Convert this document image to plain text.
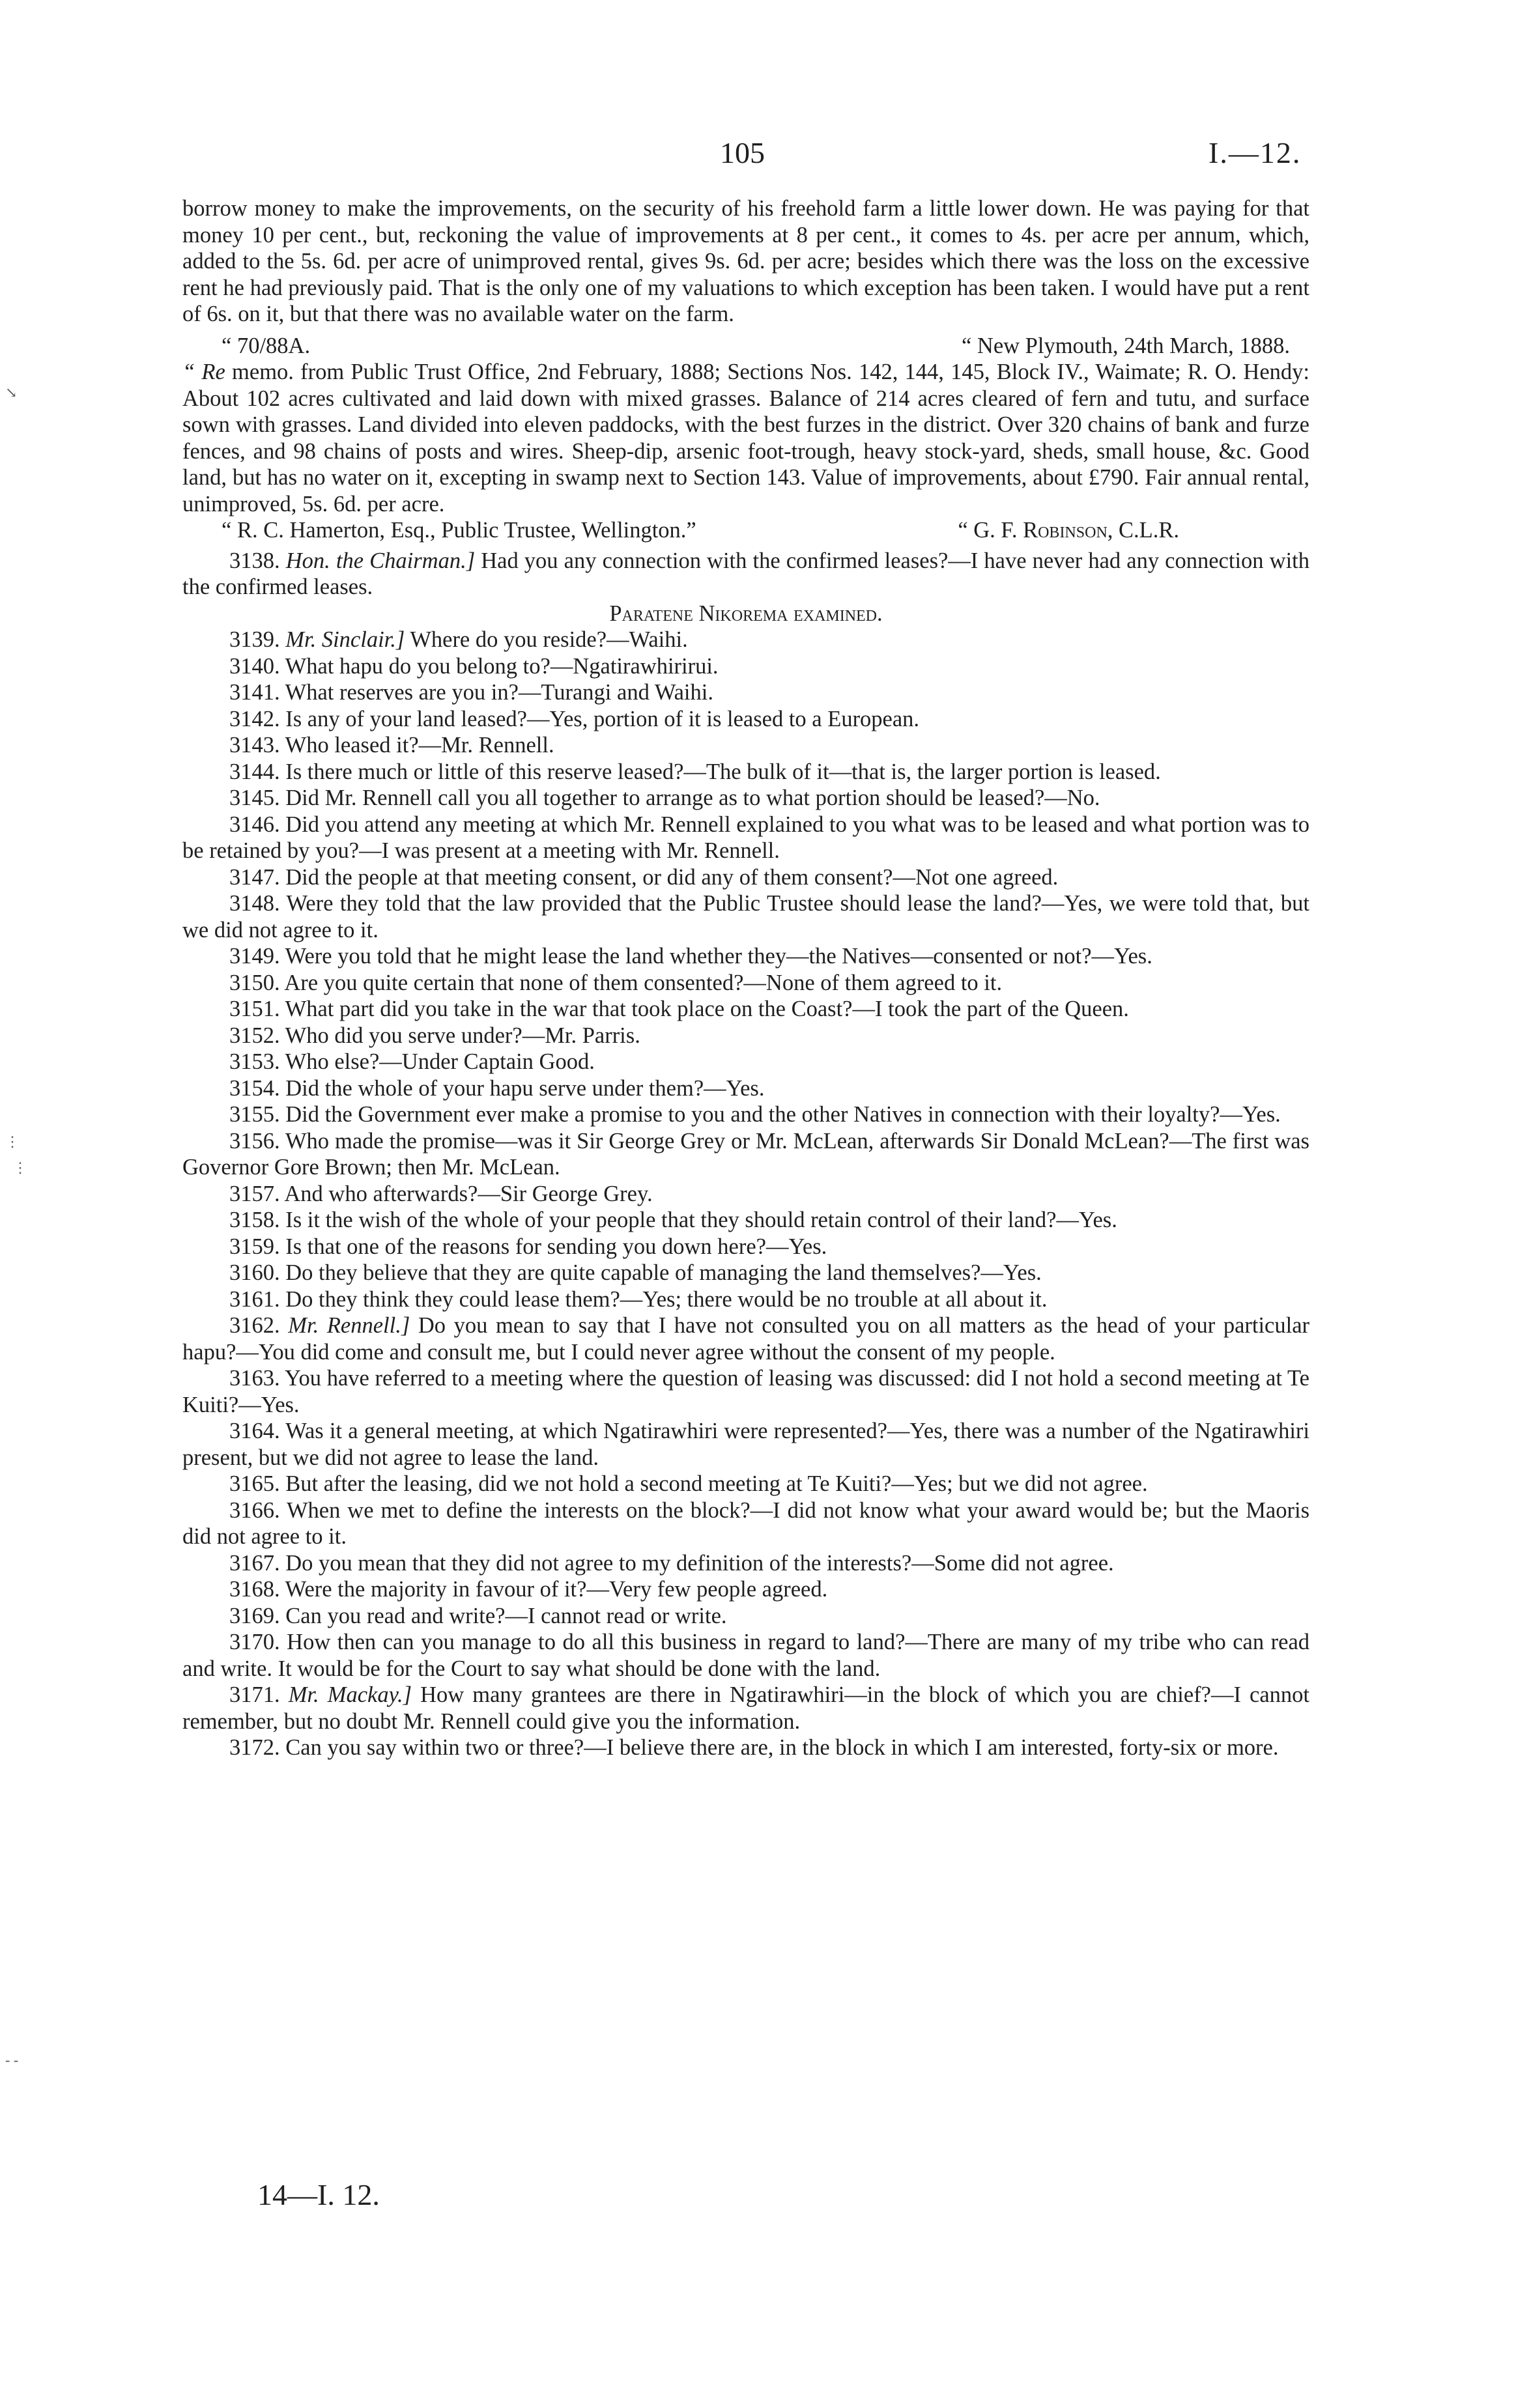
105	I.—12.

borrow money to make the improvements, on the security of his freehold farm a little lower down. He was paying for that money 10 per cent., but, reckoning the value of improvements at 8 per cent., it comes to 4s. per acre per annum, which, added to the 5s. 6d. per acre of unimproved rental, gives 9s. 6d. per acre; besides which there was the loss on the excessive rent he had previously paid. That is the only one of my valuations to which exception has been taken. I would have put a rent of 6s. on it, but that there was no available water on the farm.

“ 70/88A.	“ New Plymouth, 24th March, 1888.

“ Re memo. from Public Trust Office, 2nd February, 1888; Sections Nos. 142, 144, 145, Block IV., Waimate; R. O. Hendy: About 102 acres cultivated and laid down with mixed grasses. Balance of 214 acres cleared of fern and tutu, and surface sown with grasses. Land divided into eleven paddocks, with the best furzes in the district. Over 320 chains of bank and furze fences, and 98 chains of posts and wires. Sheep-dip, arsenic foot-trough, heavy stock-yard, sheds, small house, &c. Good land, but has no water on it, excepting in swamp next to Section 143. Value of improvements, about £790. Fair annual rental, unimproved, 5s. 6d. per acre.

“ R. C. Hamerton, Esq., Public Trustee, Wellington.”	“ G. F. Robinson, C.L.R.

3138. Hon. the Chairman.] Had you any connection with the confirmed leases?—I have never had any connection with the confirmed leases.

Paratene Nikorema examined.

3139. Mr. Sinclair.] Where do you reside?—Waihi.

3140. What hapu do you belong to?—Ngatirawhirirui.

3141. What reserves are you in?—Turangi and Waihi.

3142. Is any of your land leased?—Yes, portion of it is leased to a European.

3143. Who leased it?—Mr. Rennell.

3144. Is there much or little of this reserve leased?—The bulk of it—that is, the larger portion is leased.

3145. Did Mr. Rennell call you all together to arrange as to what portion should be leased?—No.

3146. Did you attend any meeting at which Mr. Rennell explained to you what was to be leased and what portion was to be retained by you?—I was present at a meeting with Mr. Rennell.

3147. Did the people at that meeting consent, or did any of them consent?—Not one agreed.

3148. Were they told that the law provided that the Public Trustee should lease the land?—Yes, we were told that, but we did not agree to it.

3149. Were you told that he might lease the land whether they—the Natives—consented or not?—Yes.

3150. Are you quite certain that none of them consented?—None of them agreed to it.

3151. What part did you take in the war that took place on the Coast?—I took the part of the Queen.

3152. Who did you serve under?—Mr. Parris.

3153. Who else?—Under Captain Good.

3154. Did the whole of your hapu serve under them?—Yes.

3155. Did the Government ever make a promise to you and the other Natives in connection with their loyalty?—Yes.

3156. Who made the promise—was it Sir George Grey or Mr. McLean, afterwards Sir Donald McLean?—The first was Governor Gore Brown; then Mr. McLean.

3157. And who afterwards?—Sir George Grey.

3158. Is it the wish of the whole of your people that they should retain control of their land?—Yes.

3159. Is that one of the reasons for sending you down here?—Yes.

3160. Do they believe that they are quite capable of managing the land themselves?—Yes.

3161. Do they think they could lease them?—Yes; there would be no trouble at all about it.

3162. Mr. Rennell.] Do you mean to say that I have not consulted you on all matters as the head of your particular hapu?—You did come and consult me, but I could never agree without the consent of my people.

3163. You have referred to a meeting where the question of leasing was discussed: did I not hold a second meeting at Te Kuiti?—Yes.

3164. Was it a general meeting, at which Ngatirawhiri were represented?—Yes, there was a number of the Ngatirawhiri present, but we did not agree to lease the land.

3165. But after the leasing, did we not hold a second meeting at Te Kuiti?—Yes; but we did not agree.

3166. When we met to define the interests on the block?—I did not know what your award would be; but the Maoris did not agree to it.

3167. Do you mean that they did not agree to my definition of the interests?—Some did not agree.

3168. Were the majority in favour of it?—Very few people agreed.

3169. Can you read and write?—I cannot read or write.

3170. How then can you manage to do all this business in regard to land?—There are many of my tribe who can read and write. It would be for the Court to say what should be done with the land.

3171. Mr. Mackay.] How many grantees are there in Ngatirawhiri—in the block of which you are chief?—I cannot remember, but no doubt Mr. Rennell could give you the information.

3172. Can you say within two or three?—I believe there are, in the block in which I am interested, forty-six or more.

14—I. 12.
↘
⋮
⋮
- -
